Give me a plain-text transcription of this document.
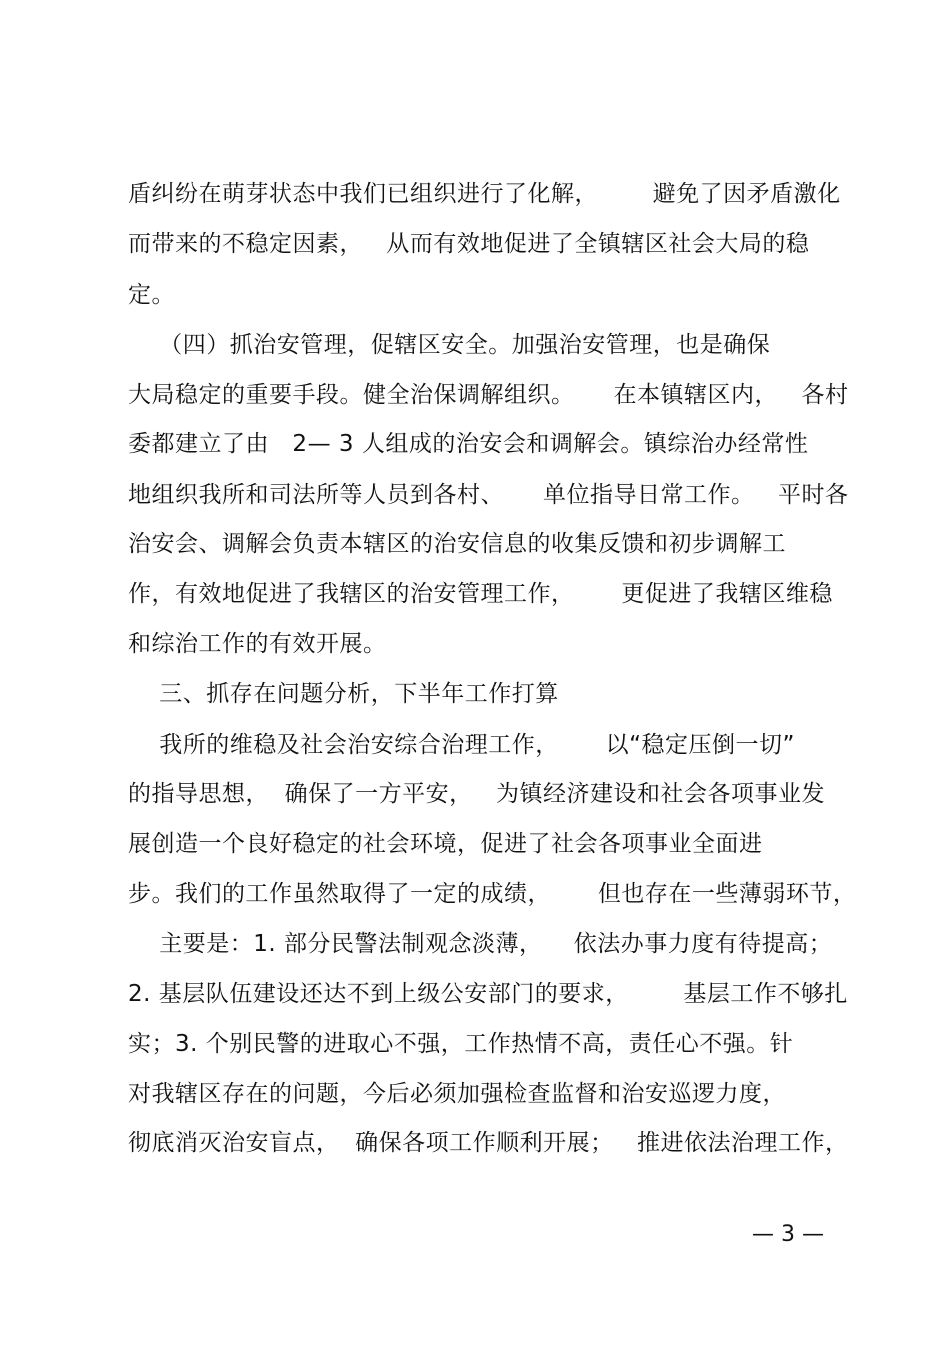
盾纠纷在萌芽状态中我们已组织进行了化解，       避免了因矛盾激化
而带来的不稳定因素，   从而有效地促进了全镇辖区社会大局的稳
定。
（四）抓治安管理，促辖区安全。加强治安管理，也是确保
大局稳定的重要手段。健全治保调解组织。     在本镇辖区内，   各村
委都建立了由   2— 3 人组成的治安会和调解会。镇综治办经常性
地组织我所和司法所等人员到各村、     单位指导日常工作。   平时各
治安会、调解会负责本辖区的治安信息的收集反馈和初步调解工
作，有效地促进了我辖区的治安管理工作，      更促进了我辖区维稳
和综治工作的有效开展。
三、抓存在问题分析，下半年工作打算
我所的维稳及社会治安综合治理工作，      以“稳定压倒一切”
的指导思想，  确保了一方平安，   为镇经济建设和社会各项事业发
展创造一个良好稳定的社会环境，促进了社会各项事业全面进
步。我们的工作虽然取得了一定的成绩，      但也存在一些薄弱环节，
主要是：1. 部分民警法制观念淡薄，    依法办事力度有待提高；
2. 基层队伍建设还达不到上级公安部门的要求，       基层工作不够扎
实；3. 个别民警的进取心不强，工作热情不高，责任心不强。针
对我辖区存在的问题，今后必须加强检查监督和治安巡逻力度，
彻底消灭治安盲点，  确保各项工作顺利开展；   推进依法治理工作，
— 3 —
